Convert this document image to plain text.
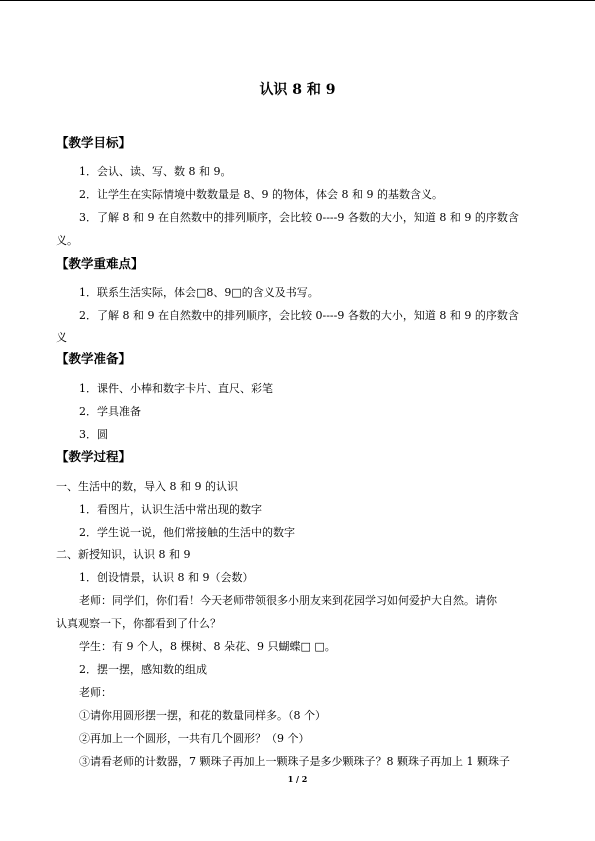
认识 8 和 9
【教学目标】
1．会认、读、写、数 8 和 9。
2．让学生在实际情境中数数量是 8、9 的物体，体会 8 和 9 的基数含义。
3．了解 8 和 9 在自然数中的排列顺序，会比较 0----9 各数的大小，知道 8 和 9 的序数含
义。
【教学重难点】
1．联系生活实际，体会□8、9□的含义及书写。
2．了解 8 和 9 在自然数中的排列顺序，会比较 0----9 各数的大小，知道 8 和 9 的序数含
义
【教学准备】
1．课件、小棒和数字卡片、直尺、彩笔
2．学具准备
3．圆
【教学过程】
一、生活中的数，导入 8 和 9 的认识
1．看图片，认识生活中常出现的数字
2．学生说一说，他们常接触的生活中的数字
二、新授知识，认识 8 和 9
1．创设情景，认识 8 和 9（会数）
老师：同学们，你们看！今天老师带领很多小朋友来到花园学习如何爱护大自然。请你
认真观察一下，你都看到了什么？
学生：有 9 个人，8 棵树、8 朵花、9 只蝴蝶□ □。
2．摆一摆，感知数的组成
老师：
①请你用圆形摆一摆，和花的数量同样多。（8 个）
②再加上一个圆形，一共有几个圆形？（9 个）
③请看老师的计数器，7 颗珠子再加上一颗珠子是多少颗珠子？8 颗珠子再加上 1 颗珠子
1 / 2
